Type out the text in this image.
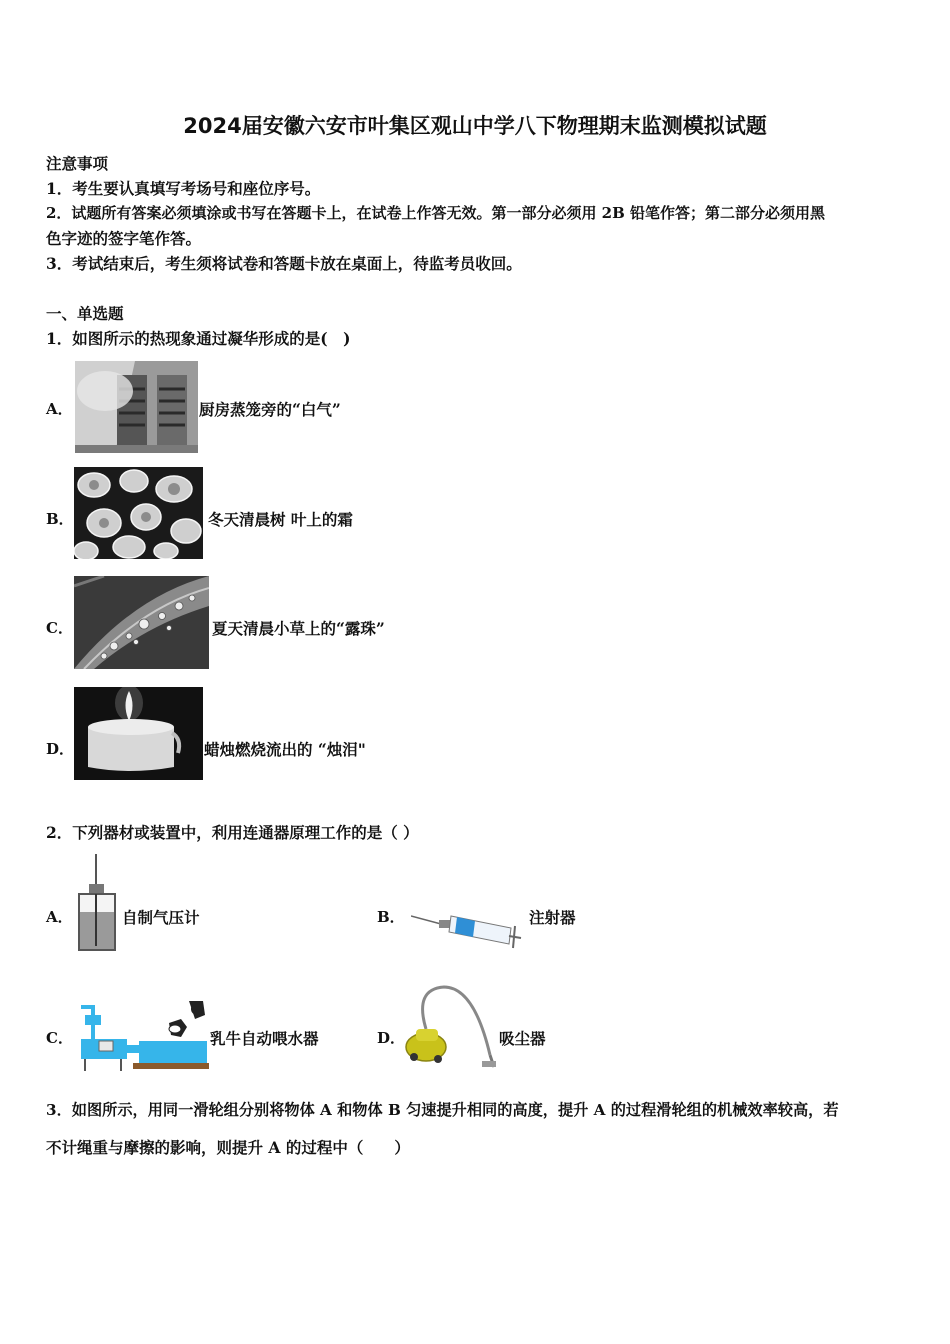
2024届安徽六安市叶集区观山中学八下物理期末监测模拟试题
注意事项
1．考生要认真填写考场号和座位序号。
2．试题所有答案必须填涂或书写在答题卡上，在试卷上作答无效。第一部分必须用 2B 铅笔作答；第二部分必须用黑
色字迹的签字笔作答。
3．考试结束后，考生须将试卷和答题卡放在桌面上，待监考员收回。
一、单选题
1．如图所示的热现象通过凝华形成的是(　)
A．	厨房蒸笼旁的“白气”
B．	冬天清晨树 叶上的霜
C．	夏天清晨小草上的“露珠”
D．	蜡烛燃烧流出的 “烛泪"
2．下列器材或装置中，利用连通器原理工作的是（ ）
A．	自制气压计	B．	注射器
C．	乳牛自动喂水器	D．	吸尘器
3．如图所示，用同一滑轮组分别将物体 A 和物体 B 匀速提升相同的高度，提升 A 的过程滑轮组的机械效率较高，若
不计绳重与摩擦的影响，则提升 A 的过程中（　　）
